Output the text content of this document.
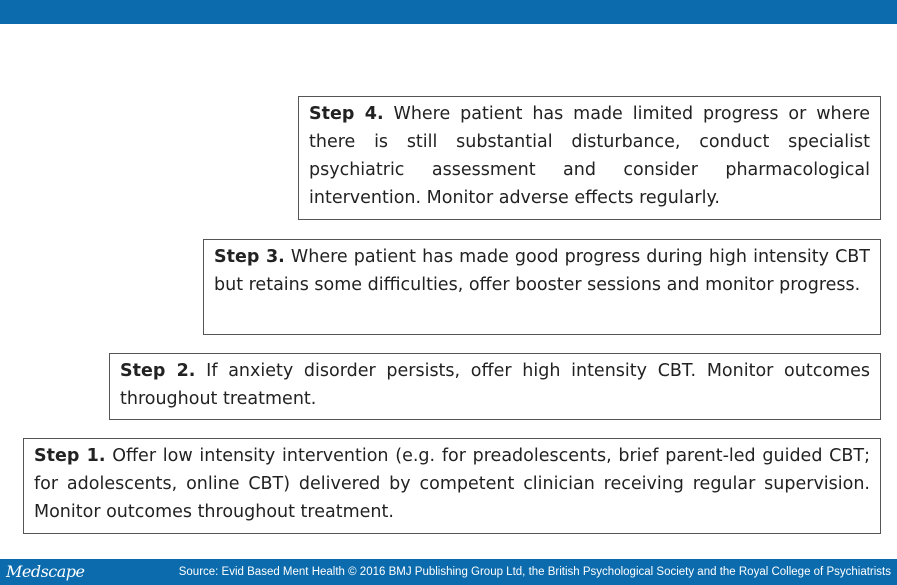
Step 4. Where patient has made limited progress or where there is still substantial disturbance, conduct specialist psychiatric assessment and consider pharmacological intervention. Monitor adverse effects regularly.
Step 3. Where patient has made good progress during high intensity CBT but retains some difficulties, offer booster sessions and monitor progress.
Step 2. If anxiety disorder persists, offer high intensity CBT. Monitor outcomes throughout treatment.
Step 1. Offer low intensity intervention (e.g. for preadolescents, brief parent-led guided CBT; for adolescents, online CBT) delivered by competent clinician receiving regular supervision. Monitor outcomes throughout treatment.
Medscape	Source: Evid Based Ment Health © 2016 BMJ Publishing Group Ltd, the British Psychological Society and the Royal College of Psychiatrists
